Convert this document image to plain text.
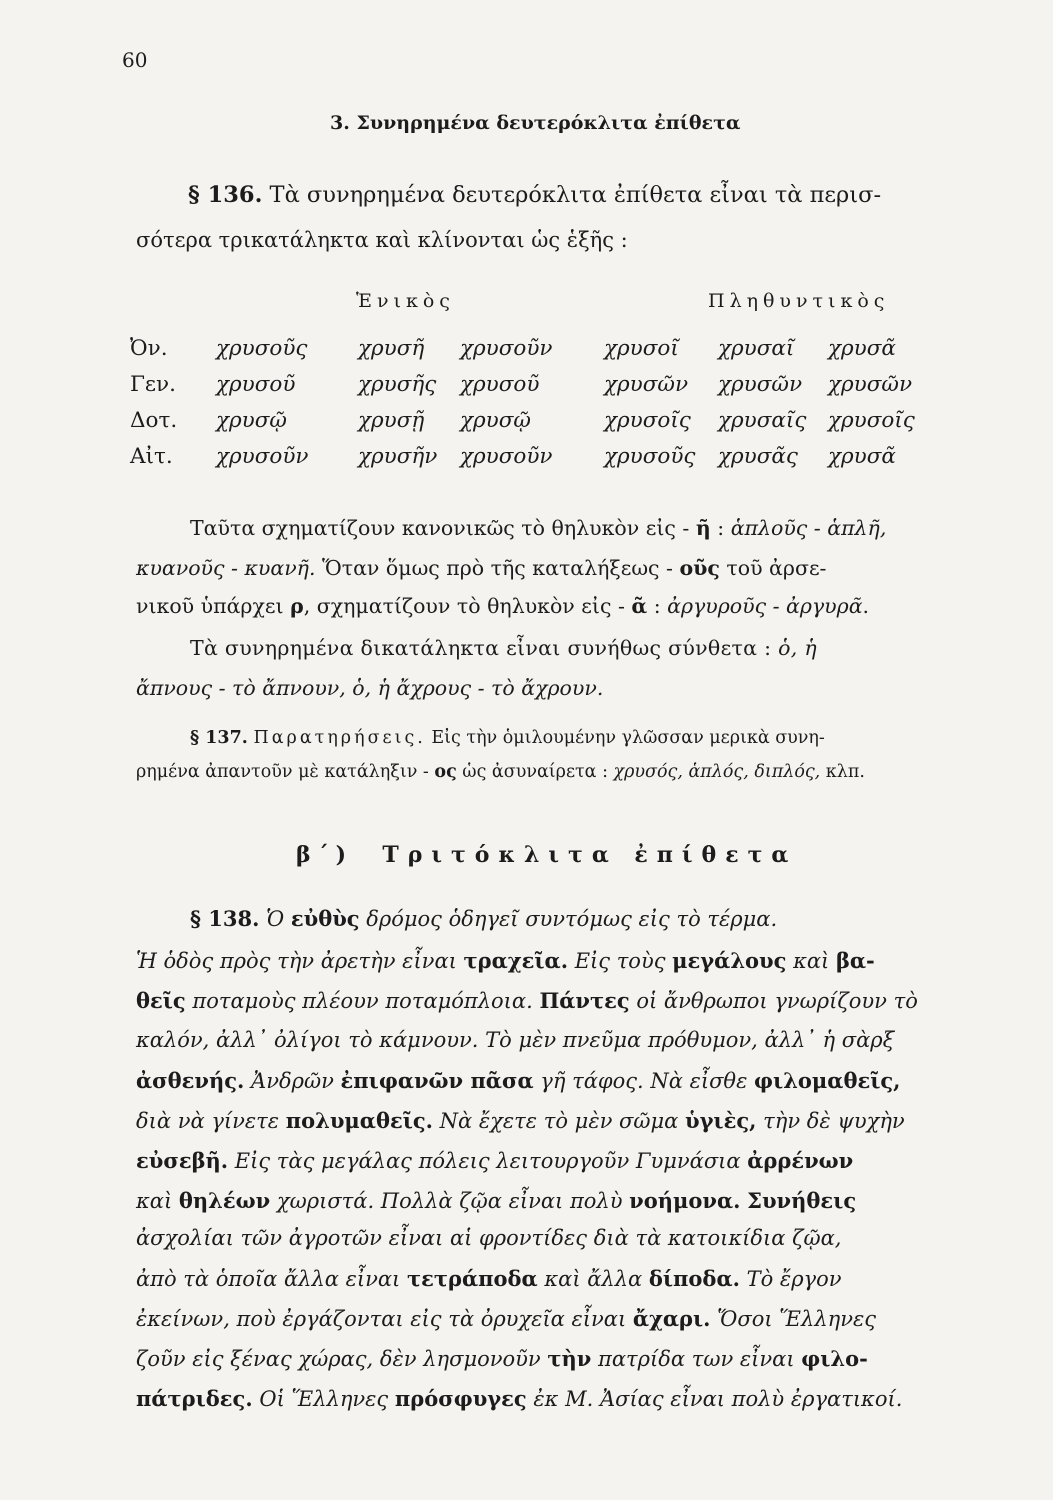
60
3. Συνηρημένα δευτερόκλιτα ἐπίθετα
§ 136. Τὰ συνηρημένα δευτερόκλιτα ἐπίθετα εἶναι τὰ περισ-
σότερα τρικατάληκτα καὶ κλίνονται ὡς ἑξῆς :
Ἑνικὸς	Πληθυντικὸς
Ὀν. χρυσοῦς χρυσῆ χρυσοῦν χρυσοῖ χρυσαῖ χρυσᾶ
Γεν. χρυσοῦ	χρυσῆς χρυσοῦ	χρυσῶν χρυσῶν χρυσῶν
Δοτ. χρυσῷ	χρυσῇ χρυσῷ	χρυσοῖς χρυσαῖς χρυσοῖς
Αἰτ. χρυσοῦν χρυσῆν χρυσοῦν χρυσοῦς χρυσᾶς χρυσᾶ
Ταῦτα σχηματίζουν κανονικῶς τὸ θηλυκὸν εἰς - ῆ : ἁπλοῦς - ἁπλῆ,
κυανοῦς - κυανῆ. Ὅταν ὅμως πρὸ τῆς καταλήξεως - οῦς τοῦ ἀρσε-
νικοῦ ὑπάρχει ρ, σχηματίζουν τὸ θηλυκὸν εἰς - ᾶ : ἀργυροῦς - ἀργυρᾶ.
Τὰ συνηρημένα δικατάληκτα εἶναι συνήθως σύνθετα : ὁ, ἡ
ἄπνους - τὸ ἄπνουν, ὁ, ἡ ἄχρους - τὸ ἄχρουν.
§ 137. Παρατηρήσεις. Εἰς τὴν ὁμιλουμένην γλῶσσαν μερικὰ συνη-
ρημένα ἀπαντοῦν μὲ κατάληξιν - ος ὡς ἀσυναίρετα : χρυσός, ἁπλός, διπλός, κλπ.
β΄) Τριτόκλιτα ἐπίθετα
§ 138. Ὁ εὐθὺς δρόμος ὁδηγεῖ συντόμως εἰς τὸ τέρμα.
Ἡ ὁδὸς πρὸς τὴν ἀρετὴν εἶναι τραχεῖα. Εἰς τοὺς μεγάλους καὶ βα-
θεῖς ποταμοὺς πλέουν ποταμόπλοια. Πάντες οἱ ἄνθρωποι γνωρίζουν τὸ
καλόν, ἀλλ᾿ ὀλίγοι τὸ κάμνουν. Τὸ μὲν πνεῦμα πρόθυμον, ἀλλ᾿ ἡ σὰρξ
ἀσθενής. Ἀνδρῶν ἐπιφανῶν πᾶσα γῆ τάφος. Νὰ εἶσθε φιλομαθεῖς,
διὰ νὰ γίνετε πολυμαθεῖς. Νὰ ἔχετε τὸ μὲν σῶμα ὑγιὲς, τὴν δὲ ψυχὴν
εὐσεβῆ. Εἰς τὰς μεγάλας πόλεις λειτουργοῦν Γυμνάσια ἀρρένων
καὶ θηλέων χωριστά. Πολλὰ ζῷα εἶναι πολὺ νοήμονα. Συνήθεις
ἀσχολίαι τῶν ἀγροτῶν εἶναι αἱ φροντίδες διὰ τὰ κατοικίδια ζῷα,
ἀπὸ τὰ ὁποῖα ἄλλα εἶναι τετράποδα καὶ ἄλλα δίποδα. Τὸ ἔργον
ἐκείνων, ποὺ ἐργάζονται εἰς τὰ ὀρυχεῖα εἶναι ἄχαρι. Ὅσοι Ἕλληνες
ζοῦν εἰς ξένας χώρας, δὲν λησμονοῦν τὴν πατρίδα των εἶναι φιλο-
πάτριδες. Οἱ Ἕλληνες πρόσφυγες ἐκ Μ. Ἀσίας εἶναι πολὺ ἐργατικοί.
